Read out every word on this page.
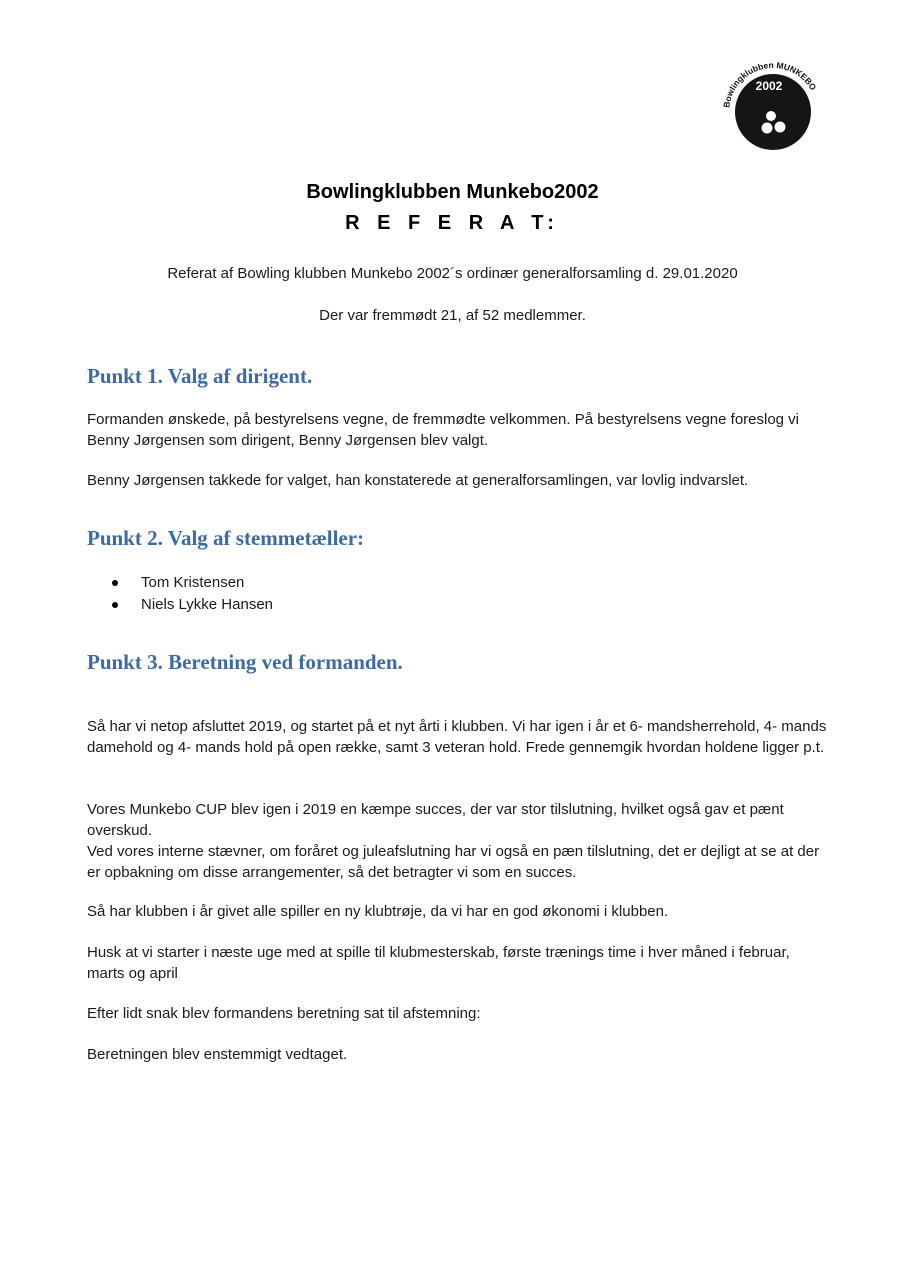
Bowlingklubben MUNKEBO
2002
Bowlingklubben Munkebo2002
R E F E R A T:
Referat af Bowling klubben Munkebo 2002´s ordinær generalforsamling d. 29.01.2020
Der var fremmødt 21, af 52 medlemmer.
Punkt 1. Valg af dirigent.

Formanden ønskede, på bestyrelsens vegne, de fremmødte velkommen. På bestyrelsens vegne foreslog vi Benny Jørgensen som dirigent, Benny Jørgensen blev valgt.

Benny Jørgensen takkede for valget, han konstaterede at generalforsamlingen, var lovlig indvarslet.

Punkt 2. Valg af stemmetæller:
Tom Kristensen
Niels Lykke Hansen
Punkt 3. Beretning ved formanden.

Så har vi netop afsluttet 2019, og startet på et nyt årti i klubben. Vi har igen i år et 6- mandsherrehold, 4- mands damehold og 4- mands hold på open række, samt 3 veteran hold. Frede gennemgik hvordan holdene ligger p.t.

Vores Munkebo CUP blev igen i 2019 en kæmpe succes, der var stor tilslutning, hvilket også gav et pænt overskud.
Ved vores interne stævner, om foråret og juleafslutning har vi også en pæn tilslutning, det er dejligt at se at der er opbakning om disse arrangementer, så det betragter vi som en succes.

Så har klubben i år givet alle spiller en ny klubtrøje, da vi har en god økonomi i klubben.

Husk at vi starter i næste uge med at spille til klubmesterskab, første trænings time i hver måned i februar, marts og april

Efter lidt snak blev formandens beretning sat til afstemning:

Beretningen blev enstemmigt vedtaget.
